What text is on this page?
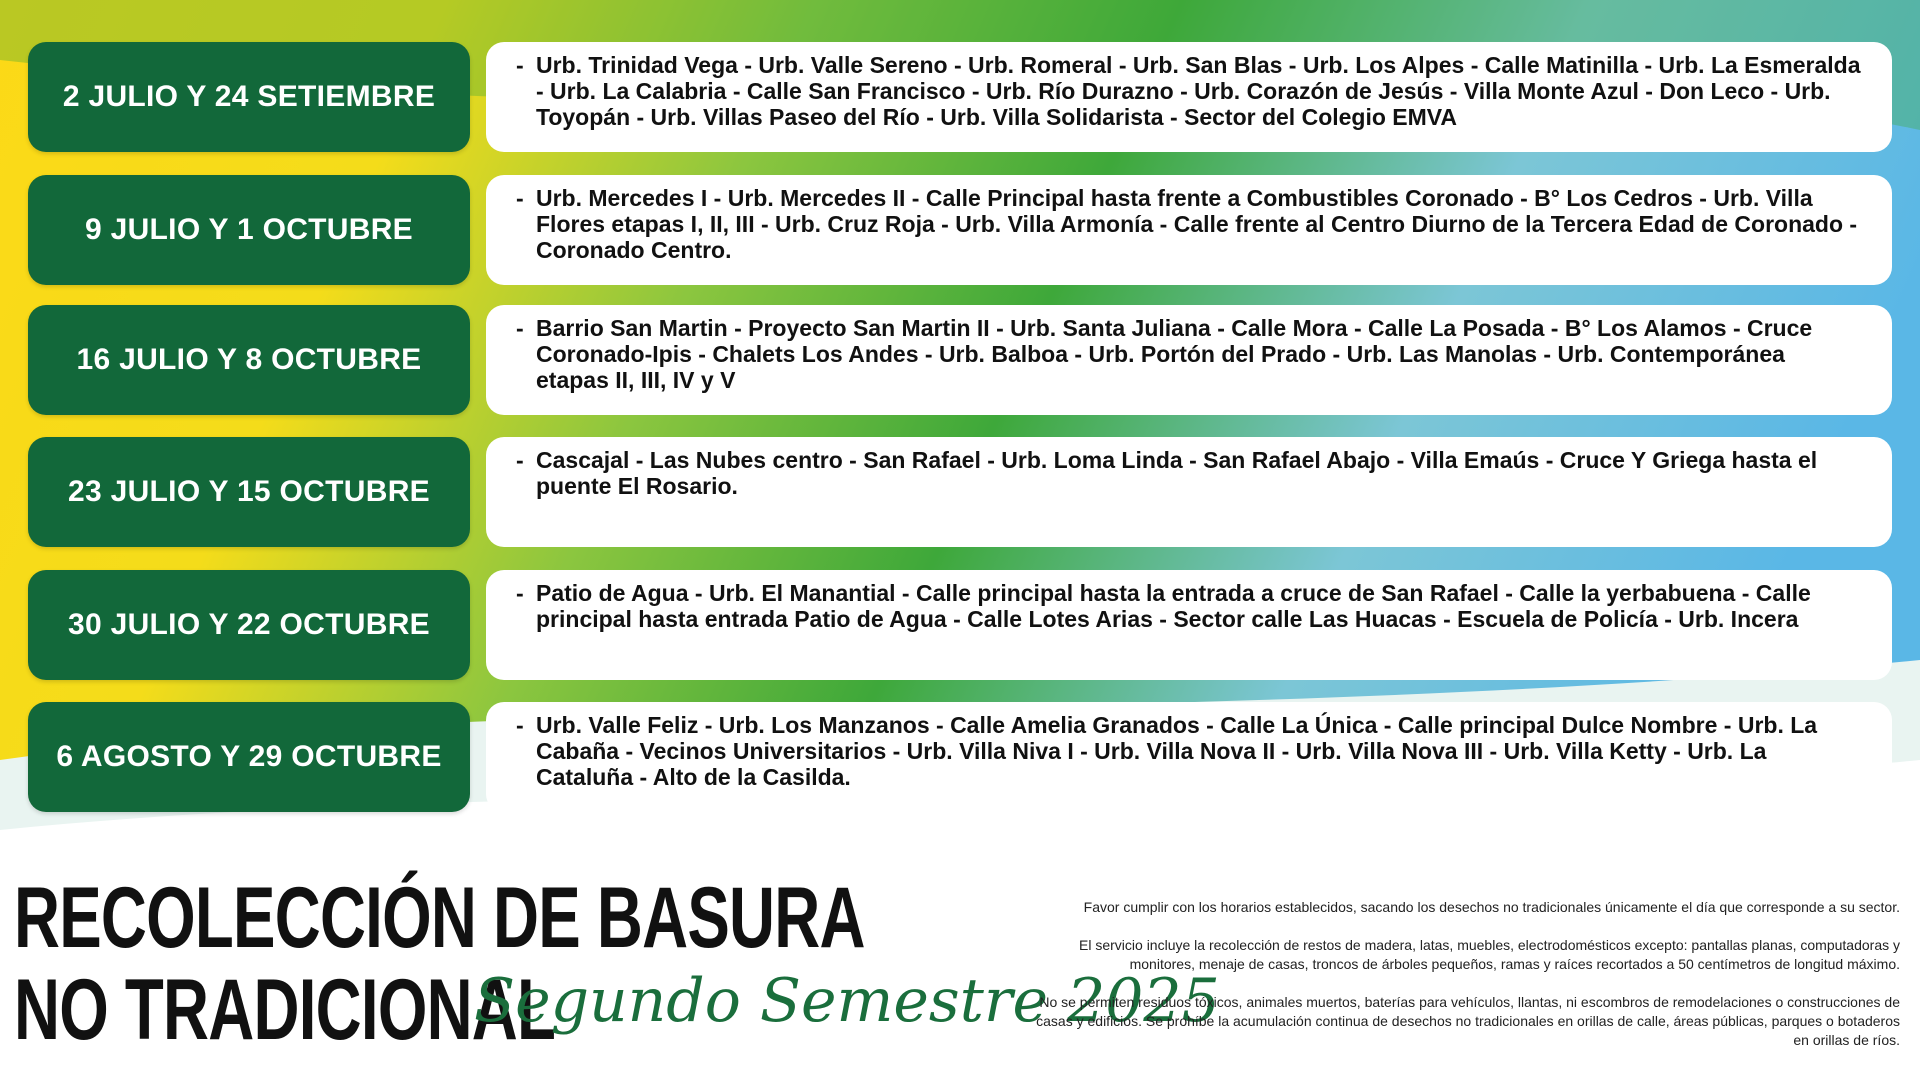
2 JULIO Y 24 SETIEMBRE
- Urb. Trinidad Vega - Urb. Valle Sereno - Urb. Romeral - Urb. San Blas - Urb. Los Alpes - Calle Matinilla - Urb. La Esmeralda - Urb. La Calabria - Calle San Francisco - Urb. Río Durazno - Urb. Corazón de Jesús - Villa Monte Azul - Don Leco - Urb. Toyopán - Urb. Villas Paseo del Río - Urb. Villa Solidarista - Sector del Colegio EMVA
9 JULIO Y 1 OCTUBRE
- Urb. Mercedes I - Urb. Mercedes II - Calle Principal hasta frente a Combustibles Coronado - B° Los Cedros - Urb. Villa Flores etapas I, II, III - Urb. Cruz Roja - Urb. Villa Armonía - Calle frente al Centro Diurno de la Tercera Edad de Coronado - Coronado Centro.
16 JULIO Y 8 OCTUBRE
- Barrio San Martin - Proyecto San Martin II - Urb. Santa Juliana - Calle Mora - Calle La Posada - B° Los Alamos - Cruce Coronado-Ipis - Chalets Los Andes - Urb. Balboa - Urb. Portón del Prado - Urb. Las Manolas - Urb. Contemporánea etapas II, III, IV y V
23 JULIO Y 15 OCTUBRE
- Cascajal - Las Nubes centro - San Rafael - Urb. Loma Linda - San Rafael Abajo - Villa Emaús - Cruce Y Griega hasta el puente El Rosario.
30 JULIO Y 22 OCTUBRE
- Patio de Agua - Urb. El Manantial - Calle principal hasta la entrada a cruce de San Rafael - Calle la yerbabuena - Calle principal hasta entrada Patio de Agua - Calle Lotes Arias - Sector calle Las Huacas - Escuela de Policía - Urb. Incera
6 AGOSTO Y 29 OCTUBRE
- Urb. Valle Feliz - Urb. Los Manzanos - Calle Amelia Granados - Calle La Única - Calle principal Dulce Nombre - Urb. La Cabaña - Vecinos Universitarios - Urb. Villa Niva I - Urb. Villa Nova II - Urb. Villa Nova III - Urb. Villa Ketty - Urb. La Cataluña - Alto de la Casilda.
RECOLECCIÓN DE BASURA
NO TRADICIONAL
Segundo Semestre 2025

Favor cumplir con los horarios establecidos, sacando los desechos no tradicionales únicamente el día que corresponde a su sector.

El servicio incluye la recolección de restos de madera, latas, muebles, electrodomésticos excepto: pantallas planas, computadoras y monitores, menaje de casas, troncos de árboles pequeños, ramas y raíces recortados a 50 centímetros de longitud máximo.

No se permiten residuos tóxicos, animales muertos, baterías para vehículos, llantas, ni escombros de remodelaciones o construcciones de casas y edificios. Se prohíbe la acumulación continua de desechos no tradicionales en orillas de calle, áreas públicas, parques o botaderos en orillas de ríos.
